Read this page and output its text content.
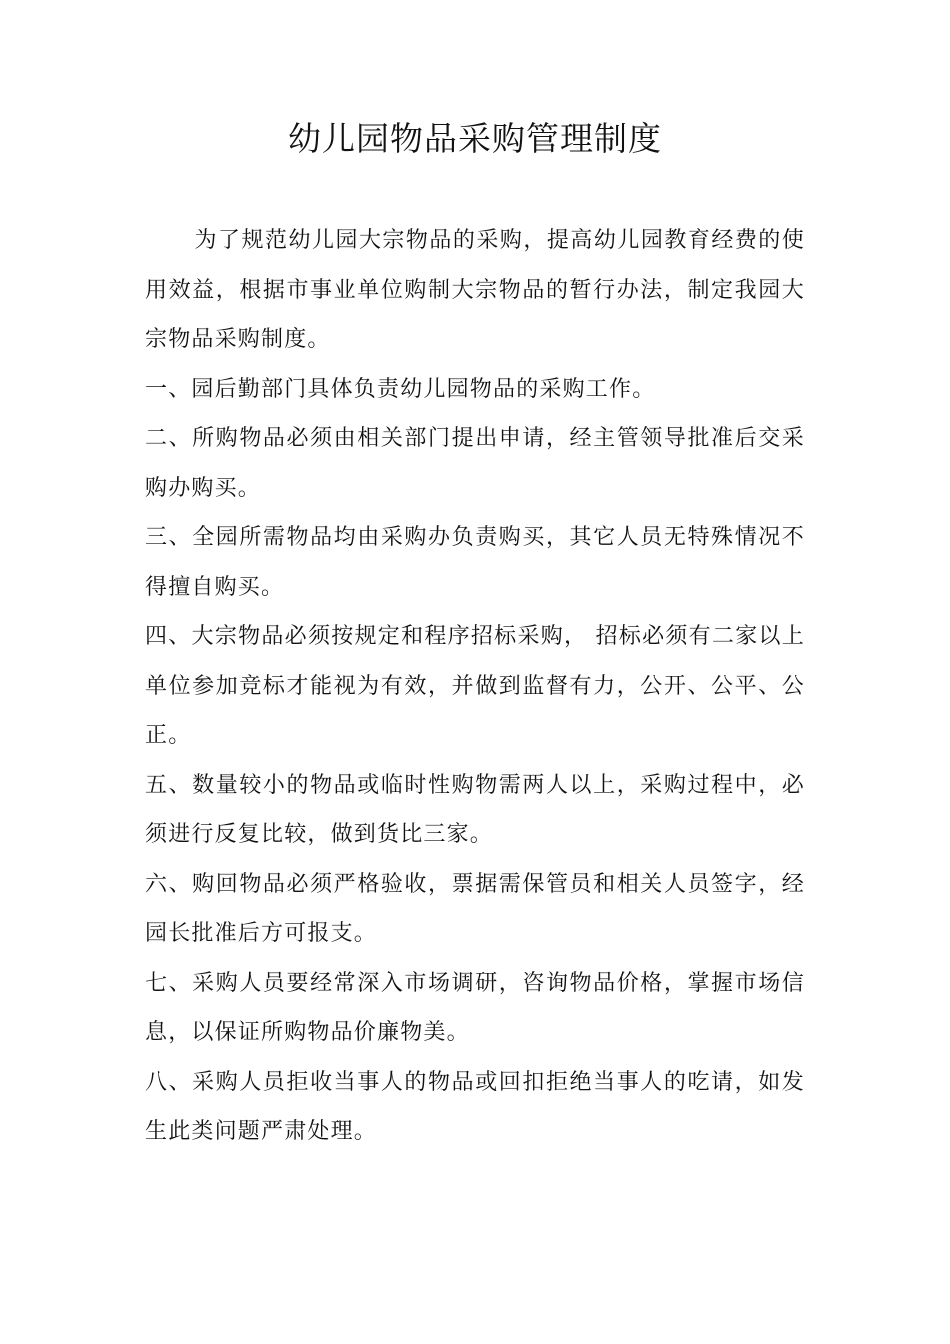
幼儿园物品采购管理制度

为了规范幼儿园大宗物品的采购，提高幼儿园教育经费的使用效益，根据市事业单位购制大宗物品的暂行办法，制定我园大宗物品采购制度。

一、园后勤部门具体负责幼儿园物品的采购工作。

二、所购物品必须由相关部门提出申请，经主管领导批准后交采购办购买。

三、全园所需物品均由采购办负责购买，其它人员无特殊情况不得擅自购买。

四、大宗物品必须按规定和程序招标采购， 招标必须有二家以上单位参加竞标才能视为有效，并做到监督有力，公开、公平、公正。

五、数量较小的物品或临时性购物需两人以上，采购过程中，必须进行反复比较，做到货比三家。

六、购回物品必须严格验收，票据需保管员和相关人员签字，经园长批准后方可报支。

七、采购人员要经常深入市场调研，咨询物品价格，掌握市场信息，以保证所购物品价廉物美。

八、采购人员拒收当事人的物品或回扣拒绝当事人的吃请，如发生此类问题严肃处理。
